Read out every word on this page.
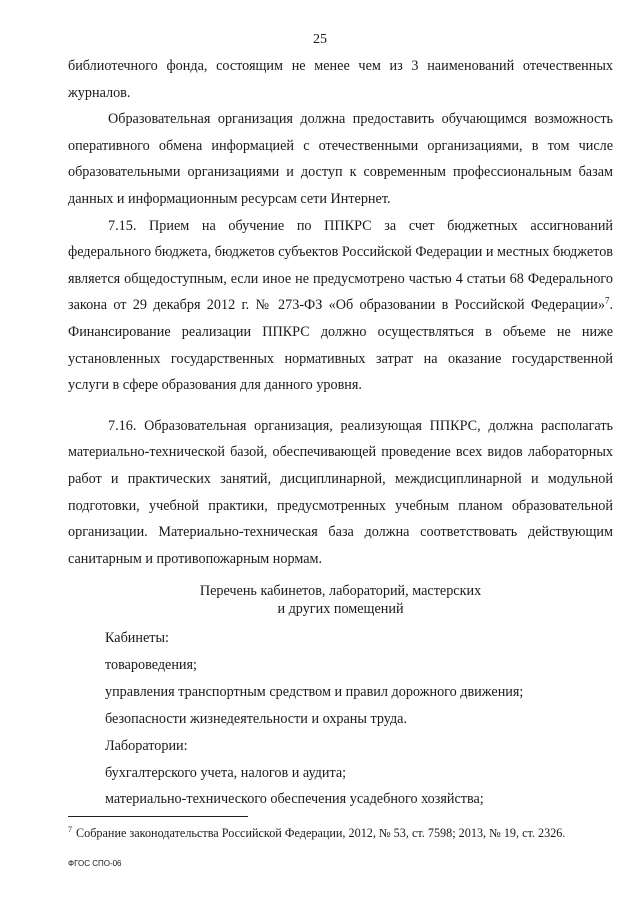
25

библиотечного фонда, состоящим не менее чем из 3 наименований отечественных журналов.

Образовательная организация должна предоставить обучающимся возможность оперативного обмена информацией с отечественными организациями, в том числе образовательными организациями и доступ к современным профессиональным базам данных и информационным ресурсам сети Интернет.

7.15. Прием на обучение по ППКРС за счет бюджетных ассигнований федерального бюджета, бюджетов субъектов Российской Федерации и местных бюджетов является общедоступным, если иное не предусмотрено частью 4 статьи 68 Федерального закона от 29 декабря 2012 г. № 273-ФЗ «Об образовании в Российской Федерации»$^7$. Финансирование реализации ППКРС должно осуществляться в объеме не ниже установленных государственных нормативных затрат на оказание государственной услуги в сфере образования для данного уровня.

7.16. Образовательная организация, реализующая ППКРС, должна располагать материально-технической базой, обеспечивающей проведение всех видов лабораторных работ и практических занятий, дисциплинарной, междисциплинарной и модульной подготовки, учебной практики, предусмотренных учебным планом образовательной организации. Материально-техническая база должна соответствовать действующим санитарным и противопожарным нормам.

Перечень кабинетов, лабораторий, мастерских
и других помещений
Кабинеты:
товароведения;
управления транспортным средством и правил дорожного движения;
безопасности жизнедеятельности и охраны труда.
Лаборатории:
бухгалтерского учета, налогов и аудита;
материально-технического обеспечения усадебного хозяйства;
$^7$ Собрание законодательства Российской Федерации, 2012, № 53, ст. 7598; 2013, № 19, ст. 2326.
ФГОС СПО-06
